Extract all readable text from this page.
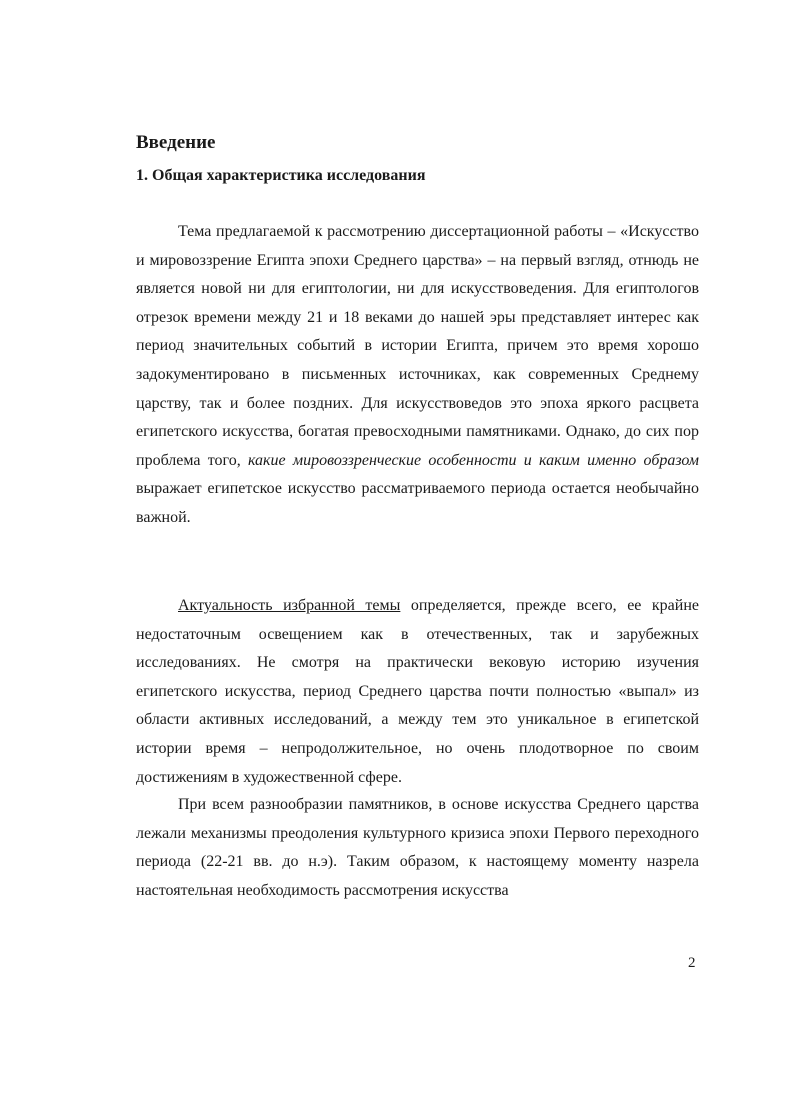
Введение
1. Общая характеристика исследования

Тема предлагаемой к рассмотрению диссертационной работы – «Искусство и мировоззрение Египта эпохи Среднего царства» – на первый взгляд, отнюдь не является новой ни для египтологии, ни для искусствоведения. Для египтологов отрезок времени между 21 и 18 веками до нашей эры представляет интерес как период значительных событий в истории Египта, причем это время хорошо задокументировано в письменных источниках, как современных Среднему царству, так и более поздних. Для искусствоведов это эпоха яркого расцвета египетского искусства, богатая превосходными памятниками. Однако, до сих пор проблема того, какие мировоззренческие особенности и каким именно образом выражает египетское искусство рассматриваемого периода остается необычайно важной.

Актуальность избранной темы определяется, прежде всего, ее крайне недостаточным освещением как в отечественных, так и зарубежных исследованиях. Не смотря на практически вековую историю изучения египетского искусства, период Среднего царства почти полностью «выпал» из области активных исследований, а между тем это уникальное в египетской истории время – непродолжительное, но очень плодотворное по своим достижениям в художественной сфере.

При всем разнообразии памятников, в основе искусства Среднего царства лежали механизмы преодоления культурного кризиса эпохи Первого переходного периода (22-21 вв. до н.э). Таким образом, к настоящему моменту назрела настоятельная необходимость рассмотрения искусства

2
